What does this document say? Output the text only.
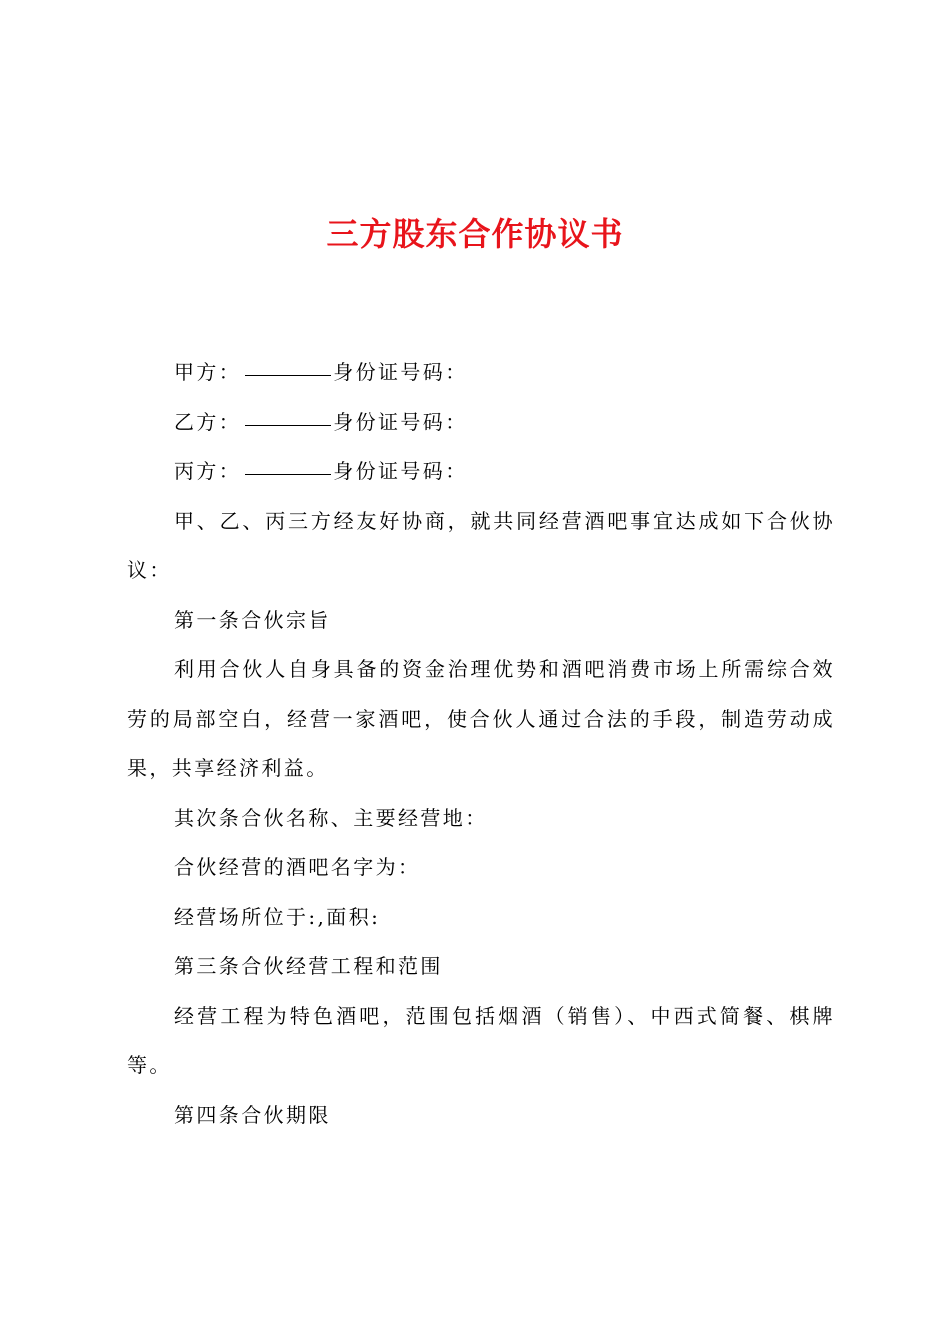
三方股东合作协议书

甲方：	身份证号码：

乙方：	身份证号码：

丙方：	身份证号码：

甲、乙、丙三方经友好协商，就共同经营酒吧事宜达成如下合伙协议：

第一条合伙宗旨

利用合伙人自身具备的资金治理优势和酒吧消费市场上所需综合效劳的局部空白，经营一家酒吧，使合伙人通过合法的手段，制造劳动成果，共享经济利益。

其次条合伙名称、主要经营地：

合伙经营的酒吧名字为：

经营场所位于:,面积:

第三条合伙经营工程和范围

经营工程为特色酒吧，范围包括烟酒（销售）、中西式简餐、棋牌等。

第四条合伙期限
